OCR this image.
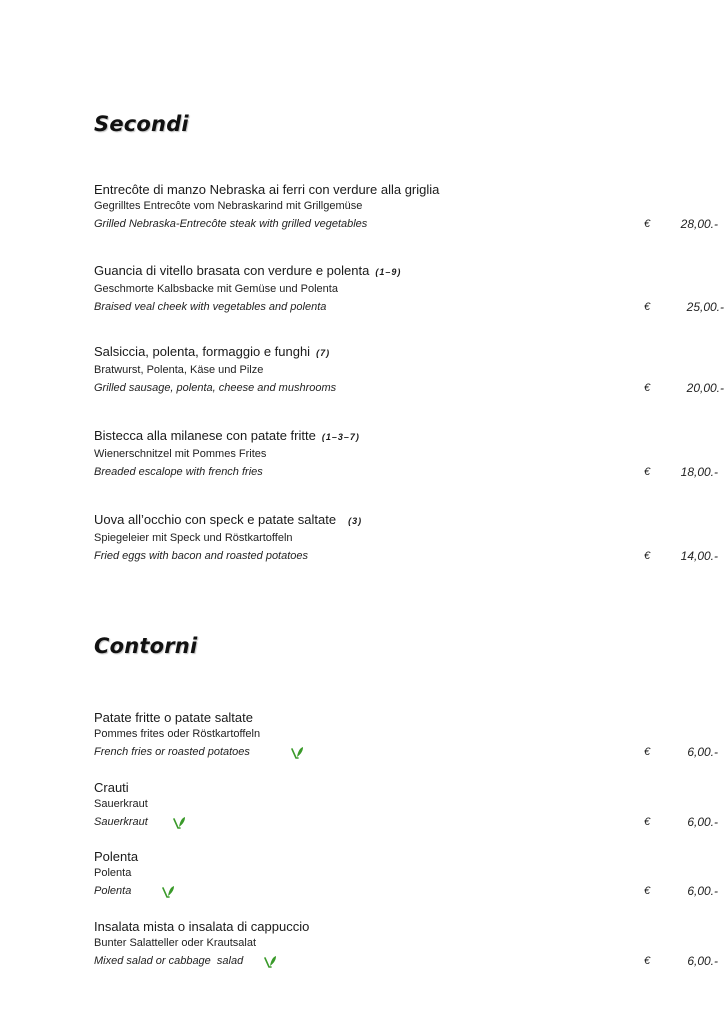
Secondi
Entrecôte di manzo Nebraska ai ferri con verdure alla griglia
Gegrilltes Entrecôte vom Nebraskarind mit Grillgemüse
Grilled Nebraska-Entrecôte steak with grilled vegetables	€	28,00.-
Guancia di vitello brasata con verdure e polenta (1–9)
Geschmorte Kalbsbacke mit Gemüse und Polenta
Braised veal cheek with vegetables and polenta	€	25,00.-
Salsiccia, polenta, formaggio e funghi (7)
Bratwurst, Polenta, Käse und Pilze
Grilled sausage, polenta, cheese and mushrooms	€	20,00.-
Bistecca alla milanese con patate fritte (1–3–7)
Wienerschnitzel mit Pommes Frites
Breaded escalope with french fries	€	18,00.-
Uova all’occhio con speck e patate saltate (3)
Spiegeleier mit Speck und Röstkartoffeln
Fried eggs with bacon and roasted potatoes	€	14,00.-
Contorni
Patate fritte o patate saltate
Pommes frites oder Röstkartoffeln
French fries or roasted potatoes	€	6,00.-
Crauti
Sauerkraut
Sauerkraut	€	6,00.-
Polenta
Polenta
Polenta	€	6,00.-
Insalata mista o insalata di cappuccio
Bunter Salatteller oder Krautsalat
Mixed salad or cabbage  salad	€	6,00.-
